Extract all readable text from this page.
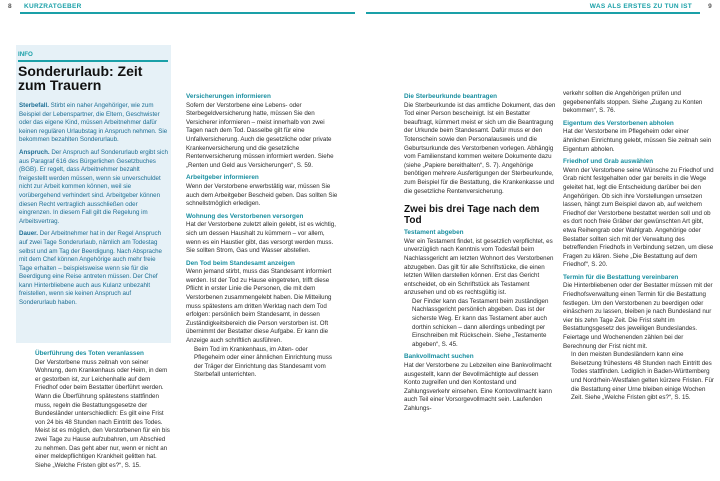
8 KURZRATGEBER	WAS ALS ERSTES ZU TUN IST 9
INFO
Sonderurlaub: Zeit zum Trauern

Sterbefall. Stirbt ein naher Angehöriger, wie zum Beispiel der Lebenspartner, die Eltern, Geschwister oder das eigene Kind, müssen Arbeitnehmer dafür keinen regulären Urlaubstag in Anspruch nehmen. Sie bekommen bezahlten Sonderurlaub.

Anspruch. Der Anspruch auf Sonderurlaub ergibt sich aus Paragraf 616 des Bürgerlichen Gesetzbuches (BGB). Er regelt, dass Arbeitnehmer bezahlt freigestellt werden müssen, wenn sie unverschuldet nicht zur Arbeit kommen können, weil sie vorübergehend verhindert sind. Arbeitgeber können diesen Recht vertraglich ausschließen oder eingrenzen. In diesem Fall gilt die Regelung im Arbeitsvertrag.

Dauer. Der Arbeitnehmer hat in der Regel Anspruch auf zwei Tage Sonderurlaub, nämlich am Todestag selbst und am Tag der Beerdigung. Nach Absprache mit dem Chef können Angehörige auch mehr freie Tage erhalten – beispielsweise wenn sie für die Beerdigung eine Reise antreten müssen. Der Chef kann Hinterbliebene auch aus Kulanz unbezahlt freistellen, wenn sie keinen Anspruch auf Sonderurlaub haben.

Überführung des Toten veranlassen

Der Verstorbene muss zeitnah von seiner Wohnung, dem Krankenhaus oder Heim, in dem er gestorben ist, zur Leichenhalle auf dem Friedhof oder beim Bestatter überführt werden. Wann die Überführung spätestens stattfinden muss, regeln die Bestattungsgesetze der Bundesländer unterschiedlich: Es gilt eine Frist von 24 bis 48 Stunden nach Eintritt des Todes. Meist ist es möglich, den Verstorbenen für ein bis zwei Tage zu Hause aufzubahren, um Abschied zu nehmen. Das geht aber nur, wenn er nicht an einer meldepflichtigen Krankheit gelitten hat. Siehe „Welche Fristen gibt es?“, S. 15.

Versicherungen informieren

Sofern der Verstorbene eine Lebens- oder Sterbegeldversicherung hatte, müssen Sie den Versicherer informieren – meist innerhalb von zwei Tagen nach dem Tod. Dasselbe gilt für eine Unfallversicherung. Auch die gesetzliche oder private Krankenversicherung und die gesetzliche Rentenversicherung müssen informiert werden. Siehe „Renten und Geld aus Versicherungen“, S. 59.

Arbeitgeber informieren

Wenn der Verstorbene erwerbstätig war, müssen Sie auch dem Arbeitgeber Bescheid geben. Das sollten Sie schnellstmöglich erledigen.

Wohnung des Verstorbenen versorgen

Hat der Verstorbene zuletzt allein gelebt, ist es wichtig, sich um dessen Haushalt zu kümmern – vor allem, wenn es ein Haustier gibt, das versorgt werden muss. Sie sollten Strom, Gas und Wasser abstellen.

Den Tod beim Standesamt anzeigen

Wenn jemand stirbt, muss das Standesamt informiert werden. Ist der Tod zu Hause eingetreten, trifft diese Pflicht in erster Linie die Personen, die mit dem Verstorbenen zusammengelebt haben. Die Mitteilung muss spätestens am dritten Werktag nach dem Tod erfolgen: persönlich beim Standesamt, in dessen Zuständigkeitsbereich die Person verstorben ist. Oft übernimmt der Bestatter diese Aufgabe. Er kann die Anzeige auch schriftlich ausführen.

Beim Tod im Krankenhaus, im Alten- oder Pflegeheim oder einer ähnlichen Einrichtung muss der Träger der Einrichtung das Standesamt vom Sterbefall unterrichten.

Die Sterbeurkunde beantragen

Die Sterbeurkunde ist das amtliche Dokument, das den Tod einer Person bescheinigt. Ist ein Bestatter beauftragt, kümmert meist er sich um die Beantragung der Urkunde beim Standesamt. Dafür muss er den Totenschein sowie den Personalausweis und die Geburtsurkunde des Verstorbenen vorlegen. Abhängig vom Familienstand kommen weitere Dokumente dazu (siehe „Papiere bereithalten“, S. 7). Angehörige benötigen mehrere Ausfertigungen der Sterbeurkunde, zum Beispiel für die Bestattung, die Krankenkasse und die gesetzliche Rentenversicherung.

Zwei bis drei Tage nach dem Tod
Testament abgeben

Wer ein Testament findet, ist gesetzlich verpflichtet, es unverzüglich nach Kenntnis vom Todesfall beim Nachlassgericht am letzten Wohnort des Verstorbenen abzugeben. Das gilt für alle Schriftstücke, die einen letzten Willen darstellen können. Erst das Gericht entscheidet, ob ein Schriftstück als Testament anzusehen und ob es rechtsgültig ist.

Der Finder kann das Testament beim zuständigen Nachlassgericht persönlich abgeben. Das ist der sicherste Weg. Er kann das Testament aber auch dorthin schicken – dann allerdings unbedingt per Einschreiben mit Rückschein. Siehe „Testamente abgeben“, S. 45.

Bankvollmacht suchen

Hat der Verstorbene zu Lebzeiten eine Bankvollmacht ausgestellt, kann der Bevollmächtigte auf dessen Konto zugreifen und den Kontostand und Zahlungsverkehr einsehen. Eine Kontovollmacht kann auch Teil einer Vorsorgevollmacht sein. Laufenden Zahlungs-

verkehr sollten die Angehörigen prüfen und gegebenenfalls stoppen. Siehe „Zugang zu Konten bekommen“, S. 76.

Eigentum des Verstorbenen abholen

Hat der Verstorbene im Pflegeheim oder einer ähnlichen Einrichtung gelebt, müssen Sie zeitnah sein Eigentum abholen.

Friedhof und Grab auswählen

Wenn der Verstorbene seine Wünsche zu Friedhof und Grab nicht festgehalten oder gar bereits in die Wege geleitet hat, legt die Entscheidung darüber bei den Angehörigen. Ob sich ihre Vorstellungen umsetzen lassen, hängt zum Beispiel davon ab, auf welchem Friedhof der Verstorbene bestattet werden soll und ob es dort noch freie Gräber der gewünschten Art gibt, etwa Reihengrab oder Wahlgrab. Angehörige oder Bestatter sollten sich mit der Verwaltung des betreffenden Friedhofs in Verbindung setzen, um diese Fragen zu klären. Siehe „Die Bestattung auf dem Friedhof“, S. 20.

Termin für die Bestattung vereinbaren

Die Hinterbliebenen oder der Bestatter müssen mit der Friedhofsverwaltung einen Termin für die Bestattung festlegen. Um den Verstorbenen zu beerdigen oder einäschern zu lassen, bleiben je nach Bundesland nur vier bis zehn Tage Zeit. Die Frist steht im Bestattungsgesetz des jeweiligen Bundeslandes. Feiertage und Wochenenden zählen bei der Berechnung der Frist nicht mit.

In den meisten Bundesländern kann eine Beisetzung frühestens 48 Stunden nach Eintritt des Todes stattfinden. Lediglich in Baden-Württemberg und Nordrhein-Westfalen gelten kürzere Fristen. Für die Bestattung einer Urne bleiben einige Wochen Zeit. Siehe „Welche Fristen gibt es?“, S. 15.
